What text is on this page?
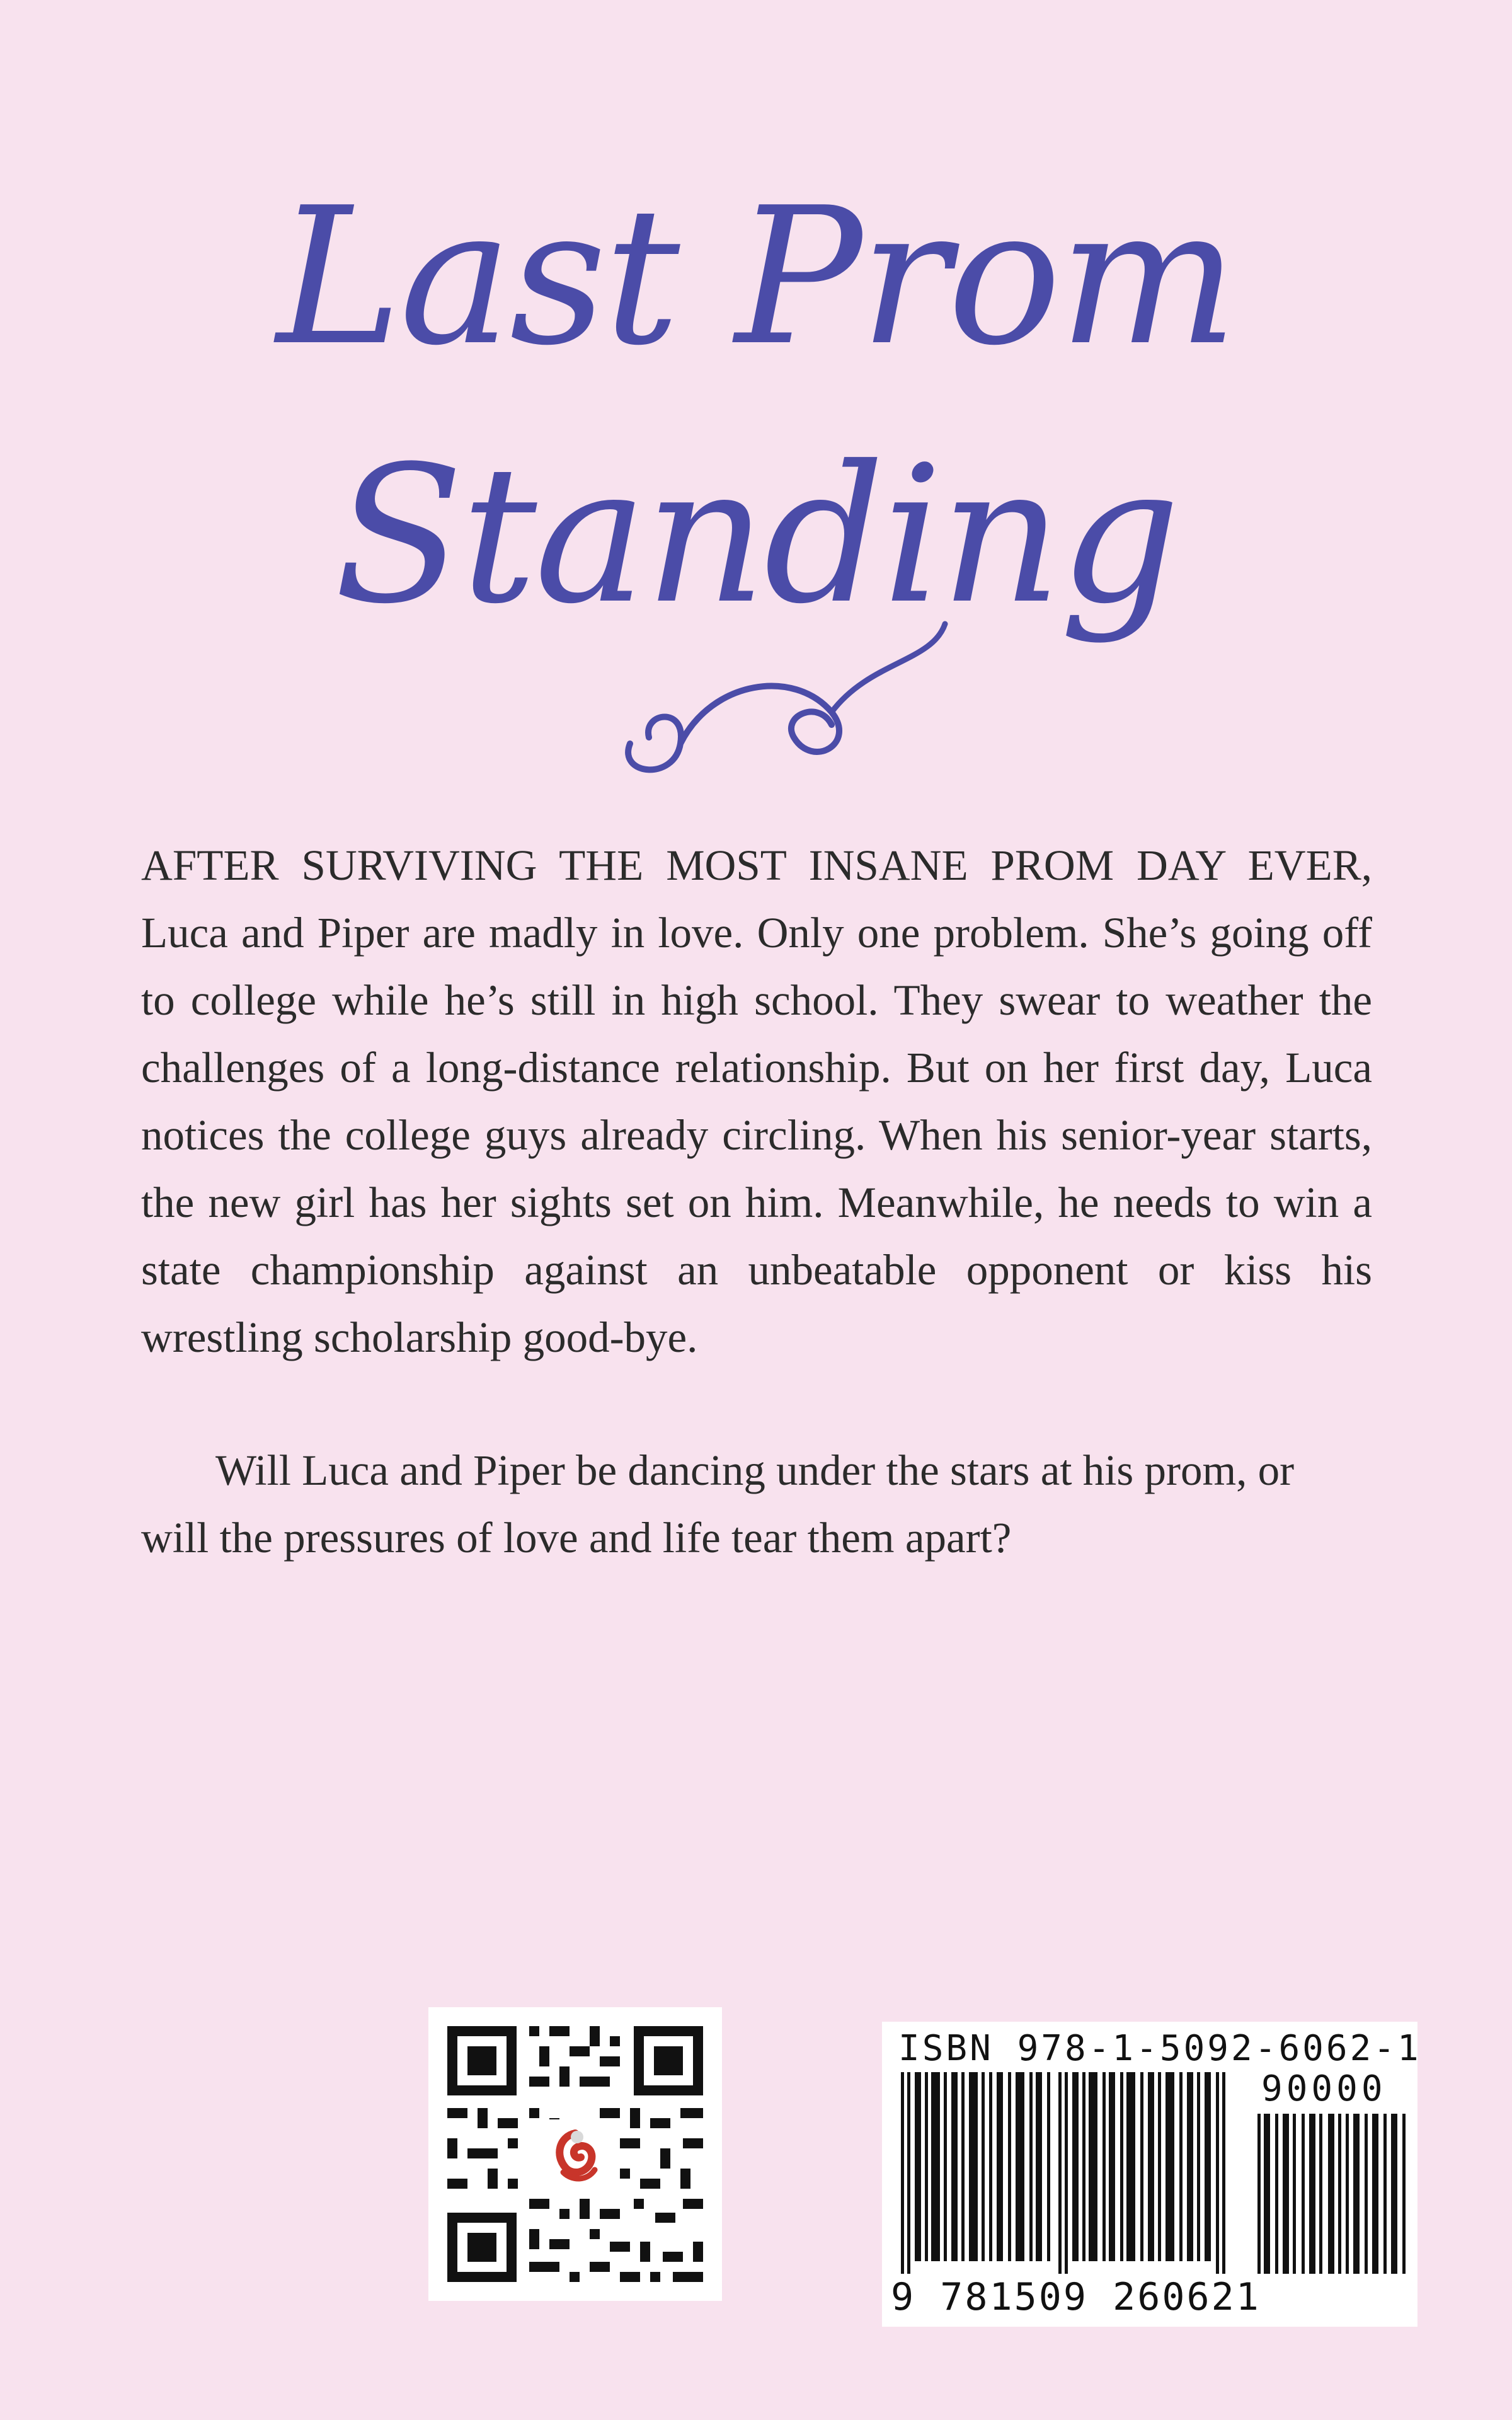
Last Prom
Standing
AFTER SURVIVING THE MOST INSANE PROM DAY EVER, Luca and Piper are madly in love. Only one problem. She’s going off to college while he’s still in high school. They swear to weather the challenges of a long-distance relationship. But on her first day, Luca notices the college guys already circling. When his senior-year starts, the new girl has her sights set on him. Meanwhile, he needs to win a state championship against an unbeatable opponent or kiss his wrestling scholarship good-bye.
Will Luca and Piper be dancing under the stars at his prom, or will the pressures of love and life tear them apart?
ISBN 978-1-5092-6062-1
90000
9 781509 260621
